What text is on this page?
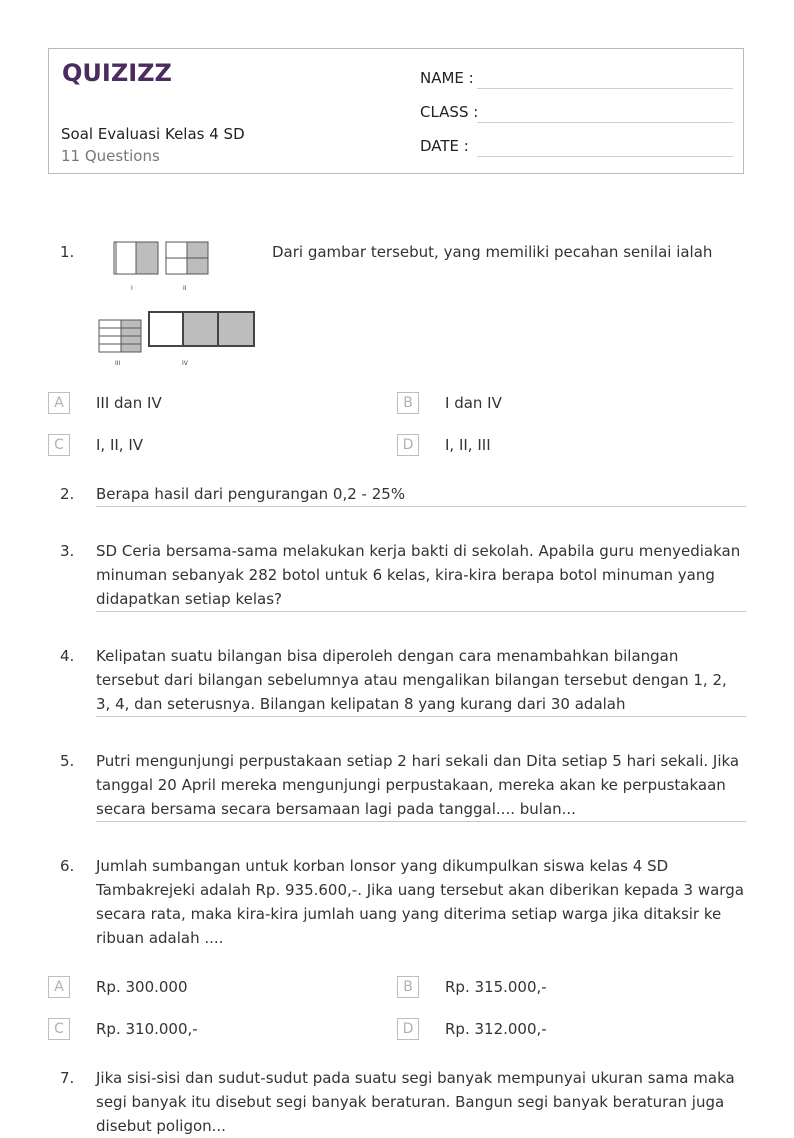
QUIZIZZ
Soal Evaluasi Kelas 4 SD
11 Questions
NAME :
CLASS :
DATE :
1.
I	II
III	IV
Dari gambar tersebut, yang memiliki pecahan senilai ialah
A	III dan IV	B	I dan IV
C	I, II, IV	D	I, II, III
2. Berapa hasil dari pengurangan 0,2 - 25%
3. SD Ceria bersama-sama melakukan kerja bakti di sekolah. Apabila guru menyediakan minuman sebanyak 282 botol untuk 6 kelas, kira-kira berapa botol minuman yang didapatkan setiap kelas?
4. Kelipatan suatu bilangan bisa diperoleh dengan cara menambahkan bilangan tersebut dari bilangan sebelumnya atau mengalikan bilangan tersebut dengan 1, 2, 3, 4, dan seterusnya. Bilangan kelipatan 8 yang kurang dari 30 adalah
5. Putri mengunjungi perpustakaan setiap 2 hari sekali dan Dita setiap 5 hari sekali. Jika tanggal 20 April mereka mengunjungi perpustakaan, mereka akan ke perpustakaan secara bersama secara bersamaan lagi pada tanggal.... bulan...
6. Jumlah sumbangan untuk korban lonsor yang dikumpulkan siswa kelas 4 SD Tambakrejeki adalah Rp. 935.600,-. Jika uang tersebut akan diberikan kepada 3 warga secara rata, maka kira-kira jumlah uang yang diterima setiap warga jika ditaksir ke ribuan adalah ....
A	Rp. 300.000	B	Rp. 315.000,-
C	Rp. 310.000,-	D	Rp. 312.000,-
7. Jika sisi-sisi dan sudut-sudut pada suatu segi banyak mempunyai ukuran sama maka segi banyak itu disebut segi banyak beraturan. Bangun segi banyak beraturan juga disebut poligon...
